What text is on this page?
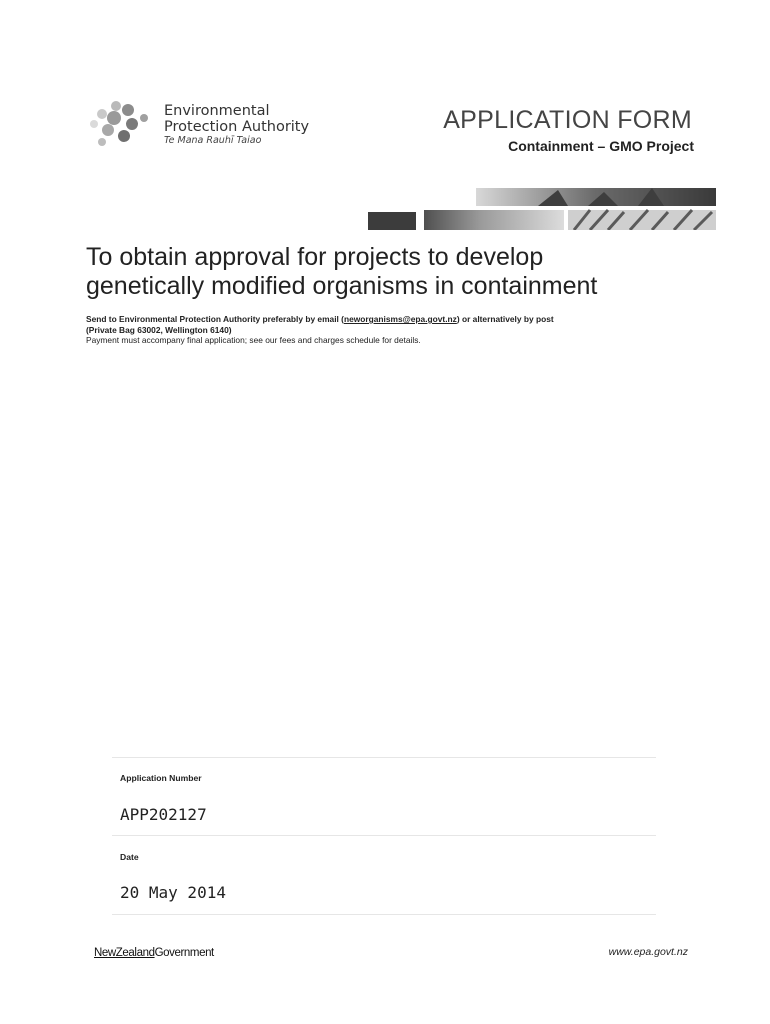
Environmental
Protection Authority
Te Mana Rauhī Taiao
APPLICATION FORM
Containment – GMO Project
To obtain approval for projects to develop
genetically modified organisms in containment
Send to Environmental Protection Authority preferably by email (neworganisms@epa.govt.nz) or alternatively by post
(Private Bag 63002, Wellington 6140)
Payment must accompany final application; see our fees and charges schedule for details.
Application Number
APP202127
Date
20 May 2014
NewZealandGovernment	www.epa.govt.nz
